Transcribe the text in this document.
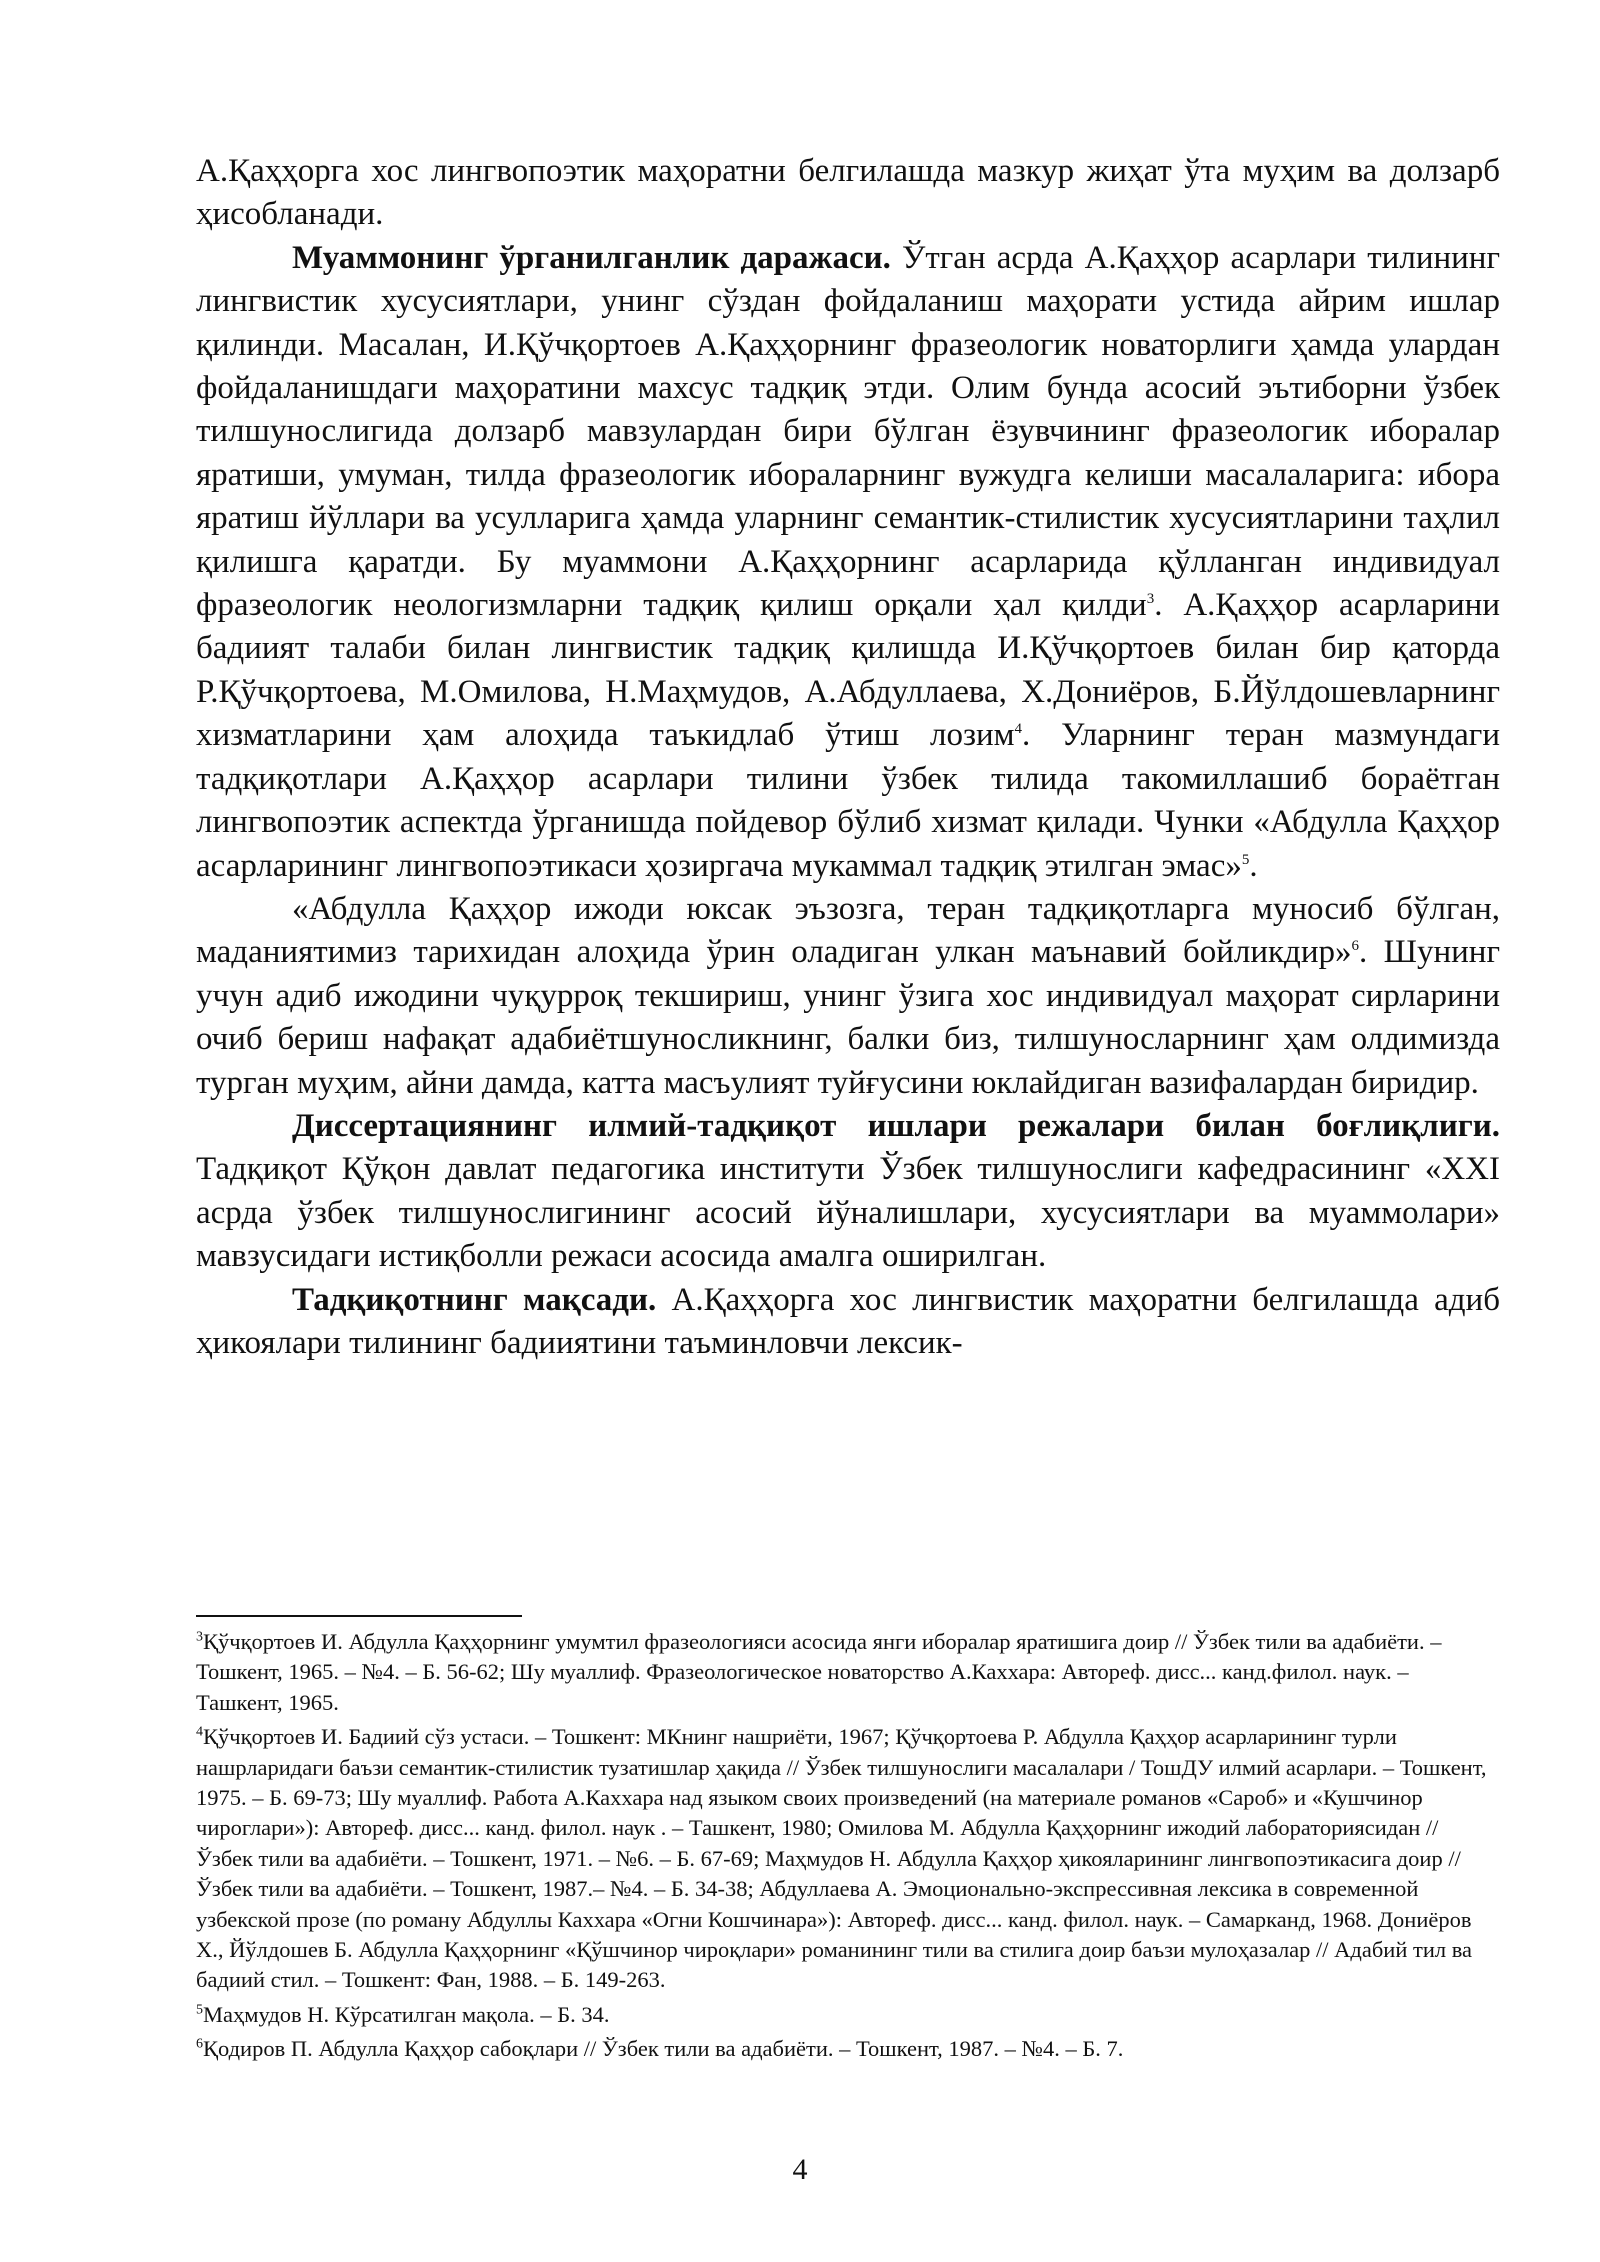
А.Қаҳҳорга хос лингвопоэтик маҳоратни белгилашда мазкур жиҳат ўта муҳим ва долзарб ҳисобланади.

Муаммонинг ўрганилганлик даражаси. Ўтган асрда А.Қаҳҳор асарлари тилининг лингвистик хусусиятлари, унинг сўздан фойдаланиш маҳорати устида айрим ишлар қилинди. Масалан, И.Қўчқортоев А.Қаҳҳорнинг фразеологик новаторлиги ҳамда улардан фойдаланишдаги маҳоратини махсус тадқиқ этди. Олим бунда асосий эътиборни ўзбек тилшунослигида долзарб мавзулардан бири бўлган ёзувчининг фразеологик иборалар яратиши, умуман, тилда фразеологик ибораларнинг вужудга келиши масалаларига: ибора яратиш йўллари ва усулларига ҳамда уларнинг семантик-стилистик хусусиятларини таҳлил қилишга қаратди. Бу муаммони А.Қаҳҳорнинг асарларида қўлланган индивидуал фразеологик неологизмларни тадқиқ қилиш орқали ҳал қилди$^3$. А.Қаҳҳор асарларини бадиият талаби билан лингвистик тадқиқ қилишда И.Қўчқортоев билан бир қаторда Р.Қўчқортоева, М.Омилова, Н.Маҳмудов, А.Абдуллаева, Х.Дониёров, Б.Йўлдошевларнинг хизматларини ҳам алоҳида таъкидлаб ўтиш лозим$^4$. Уларнинг теран мазмундаги тадқиқотлари А.Қаҳҳор асарлари тилини ўзбек тилида такомиллашиб бораётган лингвопоэтик аспектда ўрганишда пойдевор бўлиб хизмат қилади. Чунки «Абдулла Қаҳҳор асарларининг лингвопоэтикаси ҳозиргача мукаммал тадқиқ этилган эмас»$^5$.

«Абдулла Қаҳҳор ижоди юксак эъзозга, теран тадқиқотларга муносиб бўлган, маданиятимиз тарихидан алоҳида ўрин оладиган улкан маънавий бойликдир»$^6$. Шунинг учун адиб ижодини чуқурроқ текшириш, унинг ўзига хос индивидуал маҳорат сирларини очиб бериш нафақат адабиётшуносликнинг, балки биз, тилшуносларнинг ҳам олдимизда турган муҳим, айни дамда, катта масъулият туйғусини юклайдиган вазифалардан биридир.

Диссертациянинг илмий-тадқиқот ишлари режалари билан боғлиқлиги. Тадқиқот Қўқон давлат педагогика институти Ўзбек тилшунослиги кафедрасининг «XXI асрда ўзбек тилшунослигининг асосий йўналишлари, хусусиятлари ва муаммолари» мавзусидаги истиқболли режаси асосида амалга оширилган.

Тадқиқотнинг мақсади. А.Қаҳҳорга хос лингвистик маҳоратни белгилашда адиб ҳикоялари тилининг бадииятини таъминловчи лексик-

$^3$Қўчқортоев И. Абдулла Қаҳҳорнинг умумтил фразеологияси асосида янги иборалар яратишига доир // Ўзбек тили ва адабиёти. – Тошкент, 1965. – №4. – Б. 56-62; Шу муаллиф. Фразеологическое новаторство А.Каххара: Автореф. дисс... канд.филол. наук. – Ташкент, 1965.

$^4$Қўчқортоев И. Бадиий сўз устаси. – Тошкент: МКнинг нашриёти, 1967; Қўчқортоева Р. Абдулла Қаҳҳор асарларининг турли нашрларидаги баъзи семантик-стилистик тузатишлар ҳақида // Ўзбек тилшунослиги масалалари / ТошДУ илмий асарлари. – Тошкент, 1975. – Б. 69-73; Шу муаллиф. Работа А.Каххара над языком своих произведений (на материале романов «Сароб» и «Кушчинор чироглари»): Автореф. дисс... канд. филол. наук . – Ташкент, 1980; Омилова М. Абдулла Қаҳҳорнинг ижодий лабораториясидан // Ўзбек тили ва адабиёти. – Тошкент, 1971. – №6. – Б. 67-69; Маҳмудов Н. Абдулла Қаҳҳор ҳикояларининг лингвопоэтикасига доир // Ўзбек тили ва адабиёти. – Тошкент, 1987.– №4. – Б. 34-38; Абдуллаева А. Эмоционально-экспрессивная лексика в современной узбекской прозе (по роману Абдуллы Каххара «Огни Кошчинара»): Автореф. дисс... канд. филол. наук. – Самарканд, 1968. Дониёров Х., Йўлдошев Б. Абдулла Қаҳҳорнинг «Қўшчинор чироқлари» романининг тили ва стилига доир баъзи мулоҳазалар // Адабий тил ва бадиий стил. – Тошкент: Фан, 1988. – Б. 149-263.

$^5$Маҳмудов Н. Кўрсатилган мақола. – Б. 34.

$^6$Қодиров П. Абдулла Қаҳҳор сабоқлари // Ўзбек тили ва адабиёти. – Тошкент, 1987. – №4. – Б. 7.

4
